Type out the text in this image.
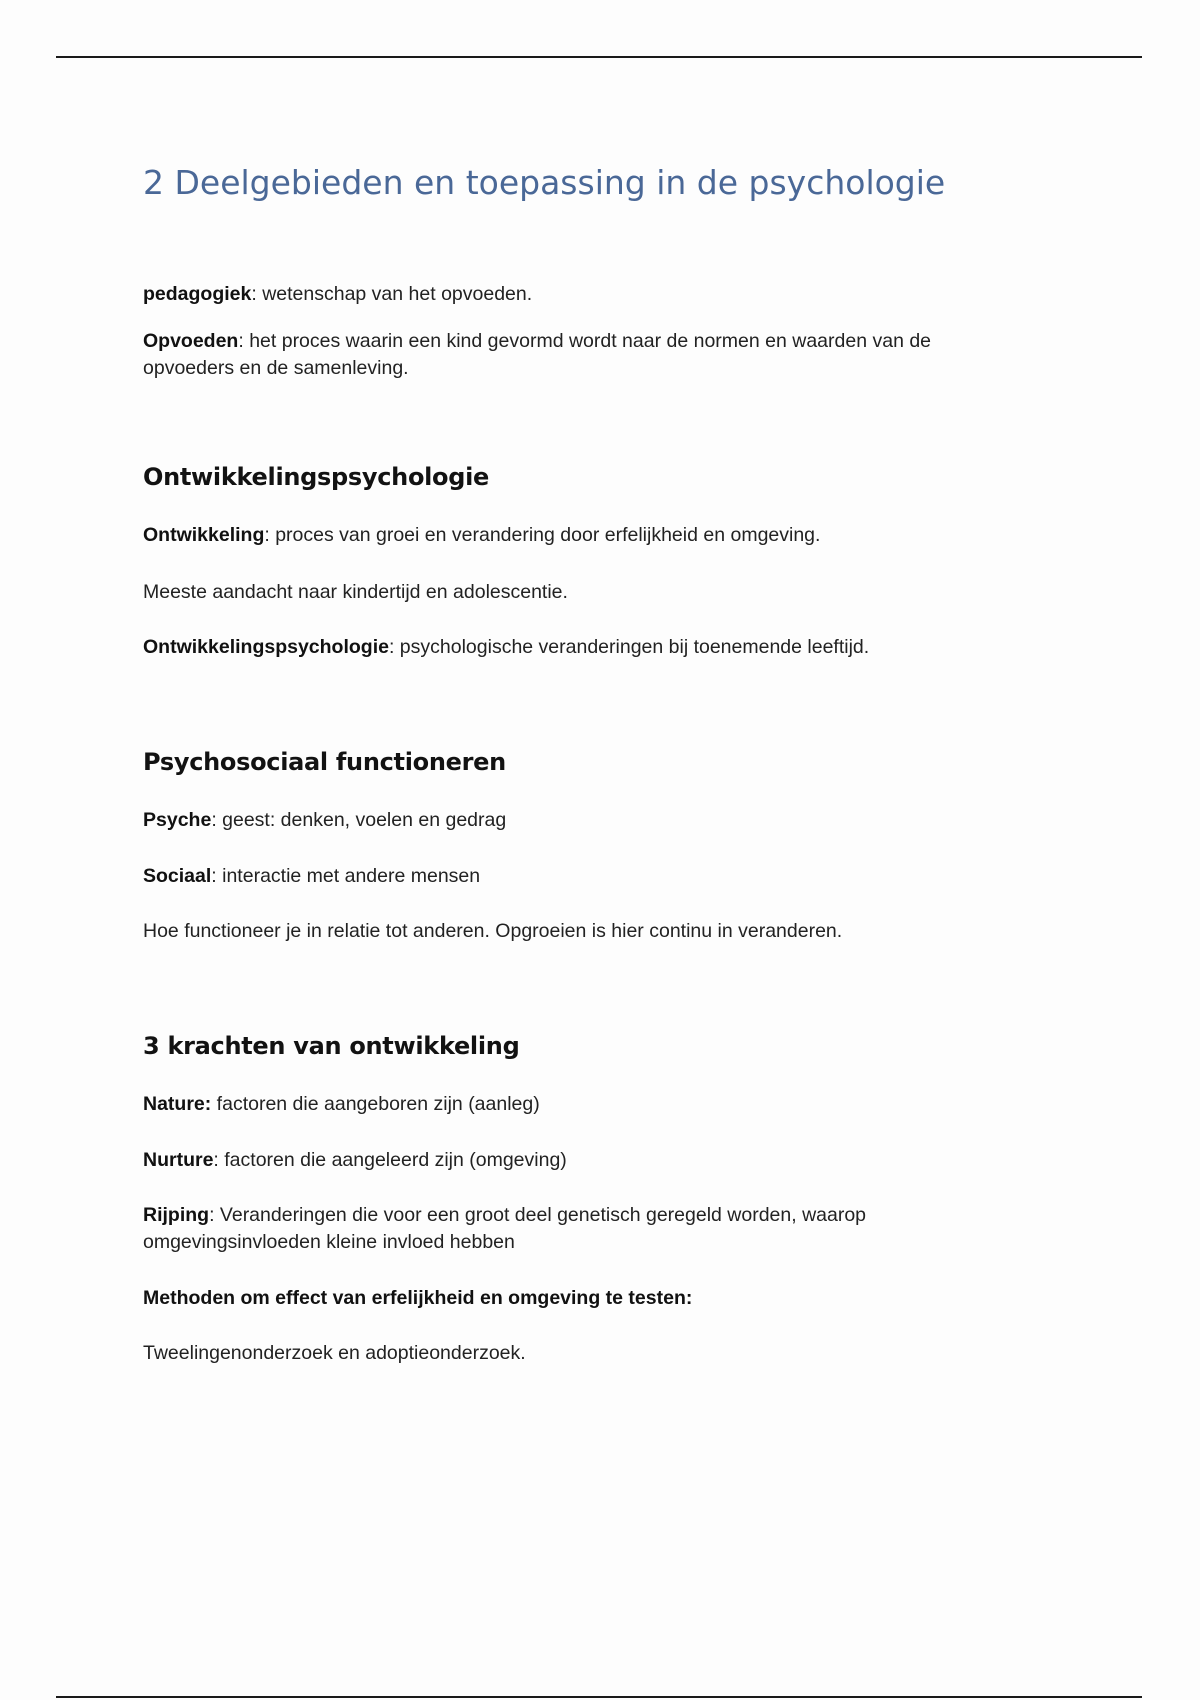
2 Deelgebieden en toepassing in de psychologie
pedagogiek: wetenschap van het opvoeden.
Opvoeden: het proces waarin een kind gevormd wordt naar de normen en waarden van de
opvoeders en de samenleving.
Ontwikkelingspsychologie
Ontwikkeling: proces van groei en verandering door erfelijkheid en omgeving.
Meeste aandacht naar kindertijd en adolescentie.
Ontwikkelingspsychologie: psychologische veranderingen bij toenemende leeftijd.
Psychosociaal functioneren
Psyche: geest: denken, voelen en gedrag
Sociaal: interactie met andere mensen
Hoe functioneer je in relatie tot anderen. Opgroeien is hier continu in veranderen.
3 krachten van ontwikkeling
Nature: factoren die aangeboren zijn (aanleg)
Nurture: factoren die aangeleerd zijn (omgeving)
Rijping: Veranderingen die voor een groot deel genetisch geregeld worden, waarop
omgevingsinvloeden kleine invloed hebben
Methoden om effect van erfelijkheid en omgeving te testen:
Tweelingenonderzoek en adoptieonderzoek.
